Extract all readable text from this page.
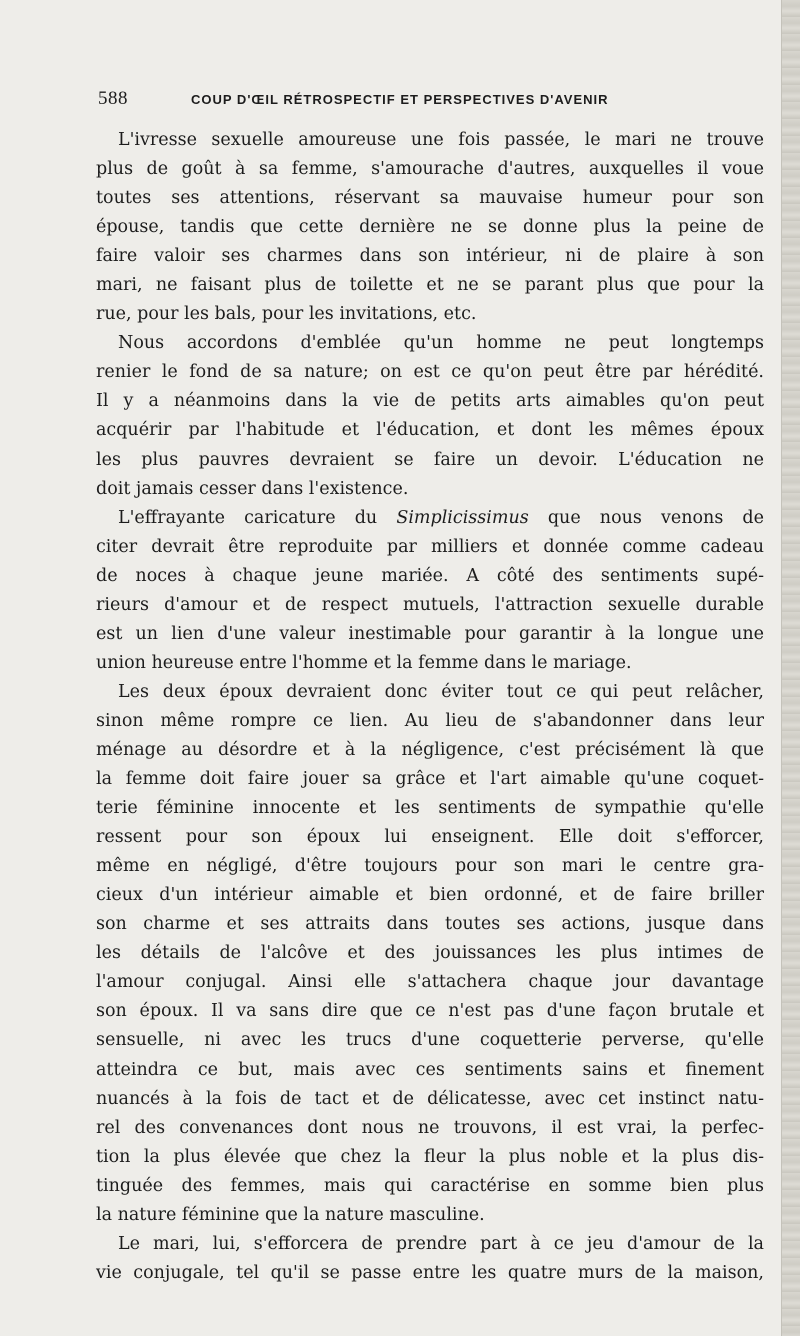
588	COUP D'ŒIL RÉTROSPECTIF ET PERSPECTIVES D'AVENIR
L'ivresse sexuelle amoureuse une fois passée, le mari ne trouve
plus de goût à sa femme, s'amourache d'autres, auxquelles il voue
toutes ses attentions, réservant sa mauvaise humeur pour son
épouse, tandis que cette dernière ne se donne plus la peine de
faire valoir ses charmes dans son intérieur, ni de plaire à son
mari, ne faisant plus de toilette et ne se parant plus que pour la
rue, pour les bals, pour les invitations, etc.
Nous accordons d'emblée qu'un homme ne peut longtemps
renier le fond de sa nature; on est ce qu'on peut être par hérédité.
Il y a néanmoins dans la vie de petits arts aimables qu'on peut
acquérir par l'habitude et l'éducation, et dont les mêmes époux
les plus pauvres devraient se faire un devoir. L'éducation ne
doit jamais cesser dans l'existence.
L'effrayante caricature du Simplicissimus que nous venons de
citer devrait être reproduite par milliers et donnée comme cadeau
de noces à chaque jeune mariée. A côté des sentiments supé-
rieurs d'amour et de respect mutuels, l'attraction sexuelle durable
est un lien d'une valeur inestimable pour garantir à la longue une
union heureuse entre l'homme et la femme dans le mariage.
Les deux époux devraient donc éviter tout ce qui peut relâcher,
sinon même rompre ce lien. Au lieu de s'abandonner dans leur
ménage au désordre et à la négligence, c'est précisément là que
la femme doit faire jouer sa grâce et l'art aimable qu'une coquet-
terie féminine innocente et les sentiments de sympathie qu'elle
ressent pour son époux lui enseignent. Elle doit s'efforcer,
même en négligé, d'être toujours pour son mari le centre gra-
cieux d'un intérieur aimable et bien ordonné, et de faire briller
son charme et ses attraits dans toutes ses actions, jusque dans
les détails de l'alcôve et des jouissances les plus intimes de
l'amour conjugal. Ainsi elle s'attachera chaque jour davantage
son époux. Il va sans dire que ce n'est pas d'une façon brutale et
sensuelle, ni avec les trucs d'une coquetterie perverse, qu'elle
atteindra ce but, mais avec ces sentiments sains et finement
nuancés à la fois de tact et de délicatesse, avec cet instinct natu-
rel des convenances dont nous ne trouvons, il est vrai, la perfec-
tion la plus élevée que chez la fleur la plus noble et la plus dis-
tinguée des femmes, mais qui caractérise en somme bien plus
la nature féminine que la nature masculine.
Le mari, lui, s'efforcera de prendre part à ce jeu d'amour de la
vie conjugale, tel qu'il se passe entre les quatre murs de la maison,
